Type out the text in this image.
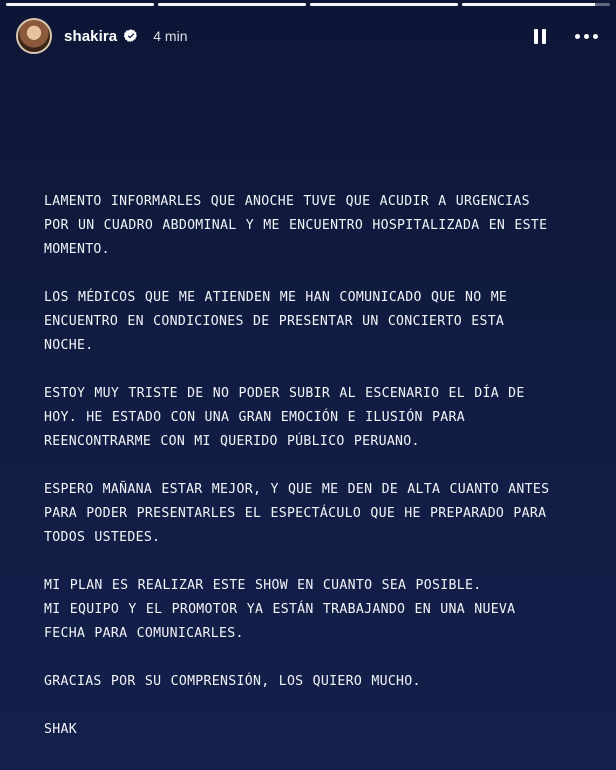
shakira	4 min

LAMENTO INFORMARLES QUE ANOCHE TUVE QUE ACUDIR A URGENCIAS
POR UN CUADRO ABDOMINAL Y ME ENCUENTRO HOSPITALIZADA EN ESTE
MOMENTO.

LOS MÉDICOS QUE ME ATIENDEN ME HAN COMUNICADO QUE NO ME
ENCUENTRO EN CONDICIONES DE PRESENTAR UN CONCIERTO ESTA
NOCHE.

ESTOY MUY TRISTE DE NO PODER SUBIR AL ESCENARIO EL DÍA DE
HOY. HE ESTADO CON UNA GRAN EMOCIÓN E ILUSIÓN PARA
REENCONTRARME CON MI QUERIDO PÚBLICO PERUANO.

ESPERO MAÑANA ESTAR MEJOR, Y QUE ME DEN DE ALTA CUANTO ANTES
PARA PODER PRESENTARLES EL ESPECTÁCULO QUE HE PREPARADO PARA
TODOS USTEDES.

MI PLAN ES REALIZAR ESTE SHOW EN CUANTO SEA POSIBLE.
MI EQUIPO Y EL PROMOTOR YA ESTÁN TRABAJANDO EN UNA NUEVA
FECHA PARA COMUNICARLES.

GRACIAS POR SU COMPRENSIÓN, LOS QUIERO MUCHO.

SHAK
